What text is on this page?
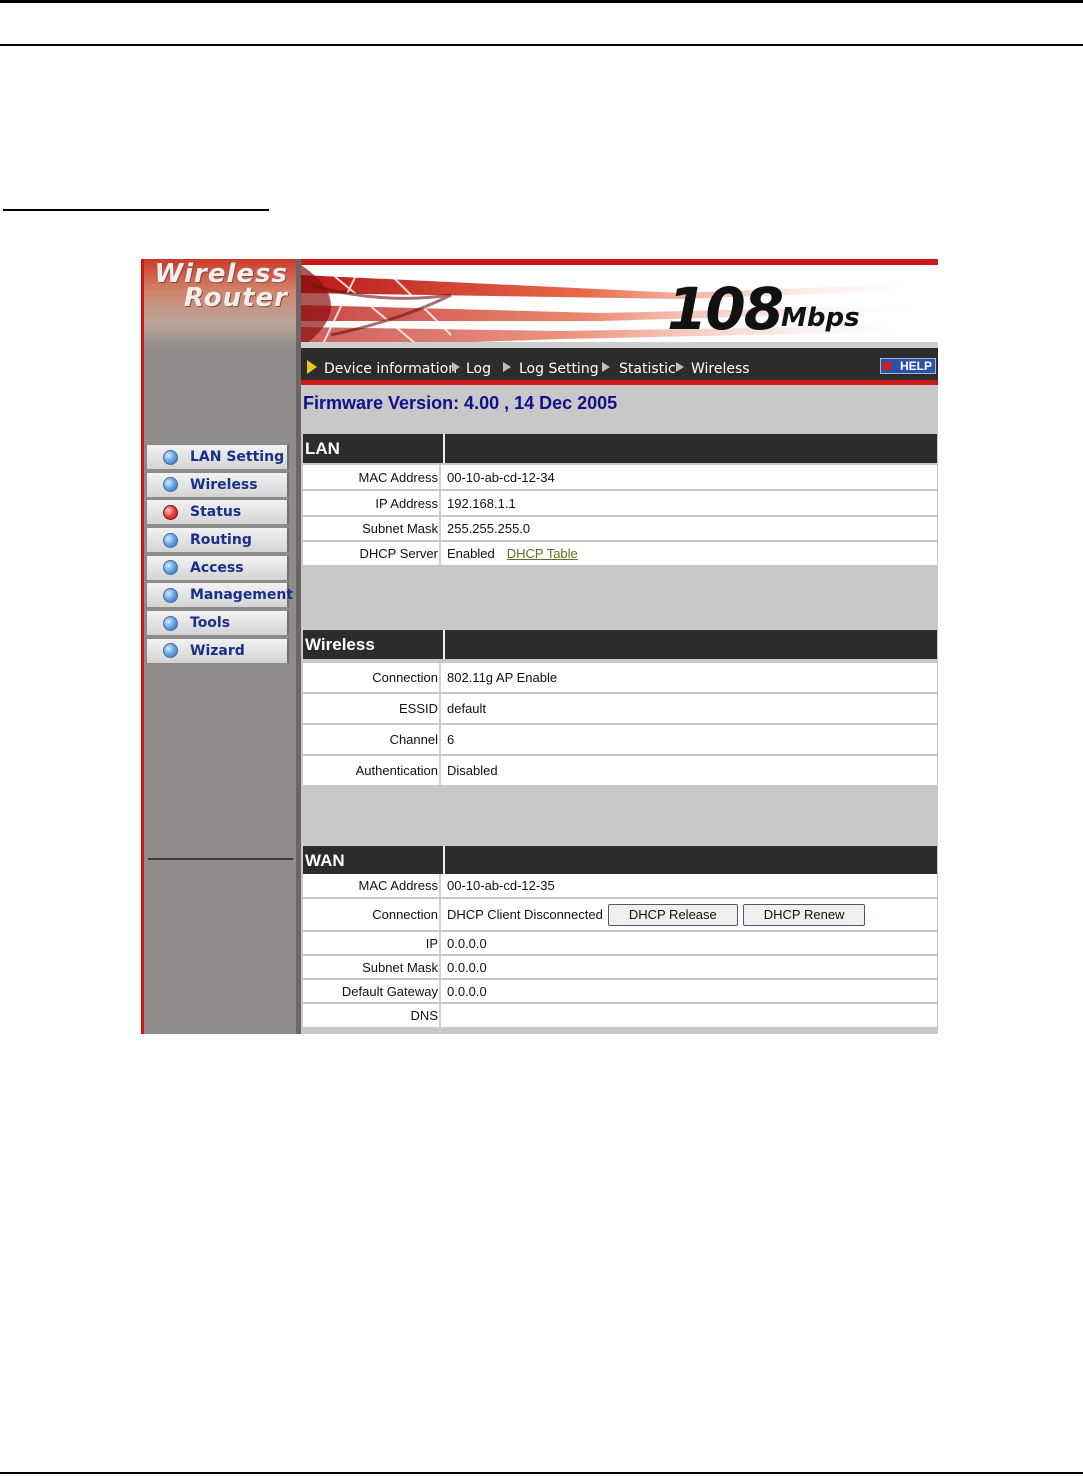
Wireless
Router
LAN Setting
Wireless
Status
Routing
Access
Management
Tools
Wizard
108
Mbps
Device information Log Log Setting Statistic Wireless	HELP
Firmware Version: 4.00 , 14 Dec 2005
LAN
MAC Address 00-10-ab-cd-12-34
IP Address 192.168.1.1
Subnet Mask 255.255.255.0
DHCP Server Enabled DHCP Table
Wireless
Connection 802.11g AP Enable
ESSID default
Channel 6
Authentication Disabled
WAN
MAC Address 00-10-ab-cd-12-35
Connection DHCP Client Disconnected	DHCP Release	DHCP Renew
IP 0.0.0.0
Subnet Mask 0.0.0.0
Default Gateway 0.0.0.0
DNS
